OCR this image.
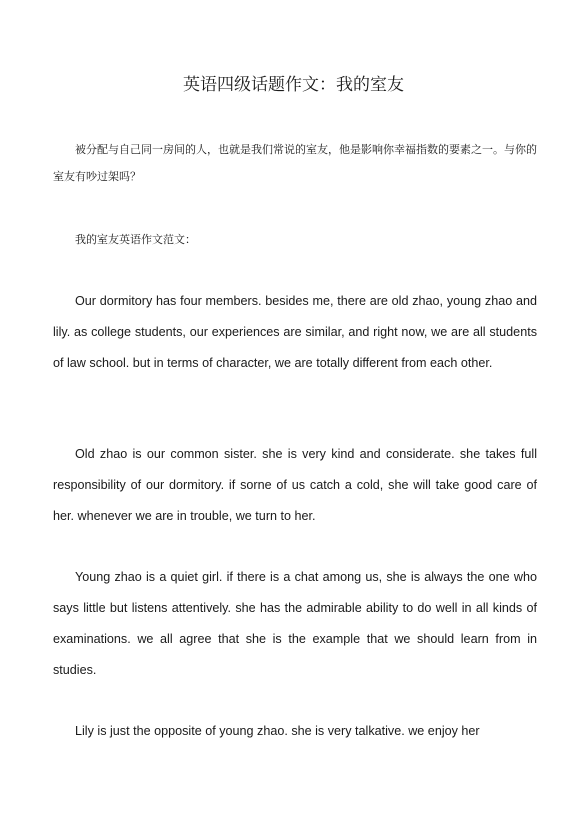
英语四级话题作文：我的室友

被分配与自己同一房间的人，也就是我们常说的室友，他是影响你幸福指数的要素之一。与你的室友有吵过架吗？

我的室友英语作文范文：

Our dormitory has four members. besides me, there are old zhao, young zhao and lily. as college students, our experiences are similar, and right now, we are all students of law school. but in terms of character, we are totally different from each other.

Old zhao is our common sister. she is very kind and considerate. she takes full responsibility of our dormitory. if sorne of us catch a cold, she will take good care of her. whenever we are in trouble, we turn to her.

Young zhao is a quiet girl. if there is a chat among us, she is always the one who says little but listens attentively. she has the admirable ability to do well in all kinds of examinations. we all agree that she is the example that we should learn from in studies.

Lily is just the opposite of young zhao. she is very talkative. we enjoy her
